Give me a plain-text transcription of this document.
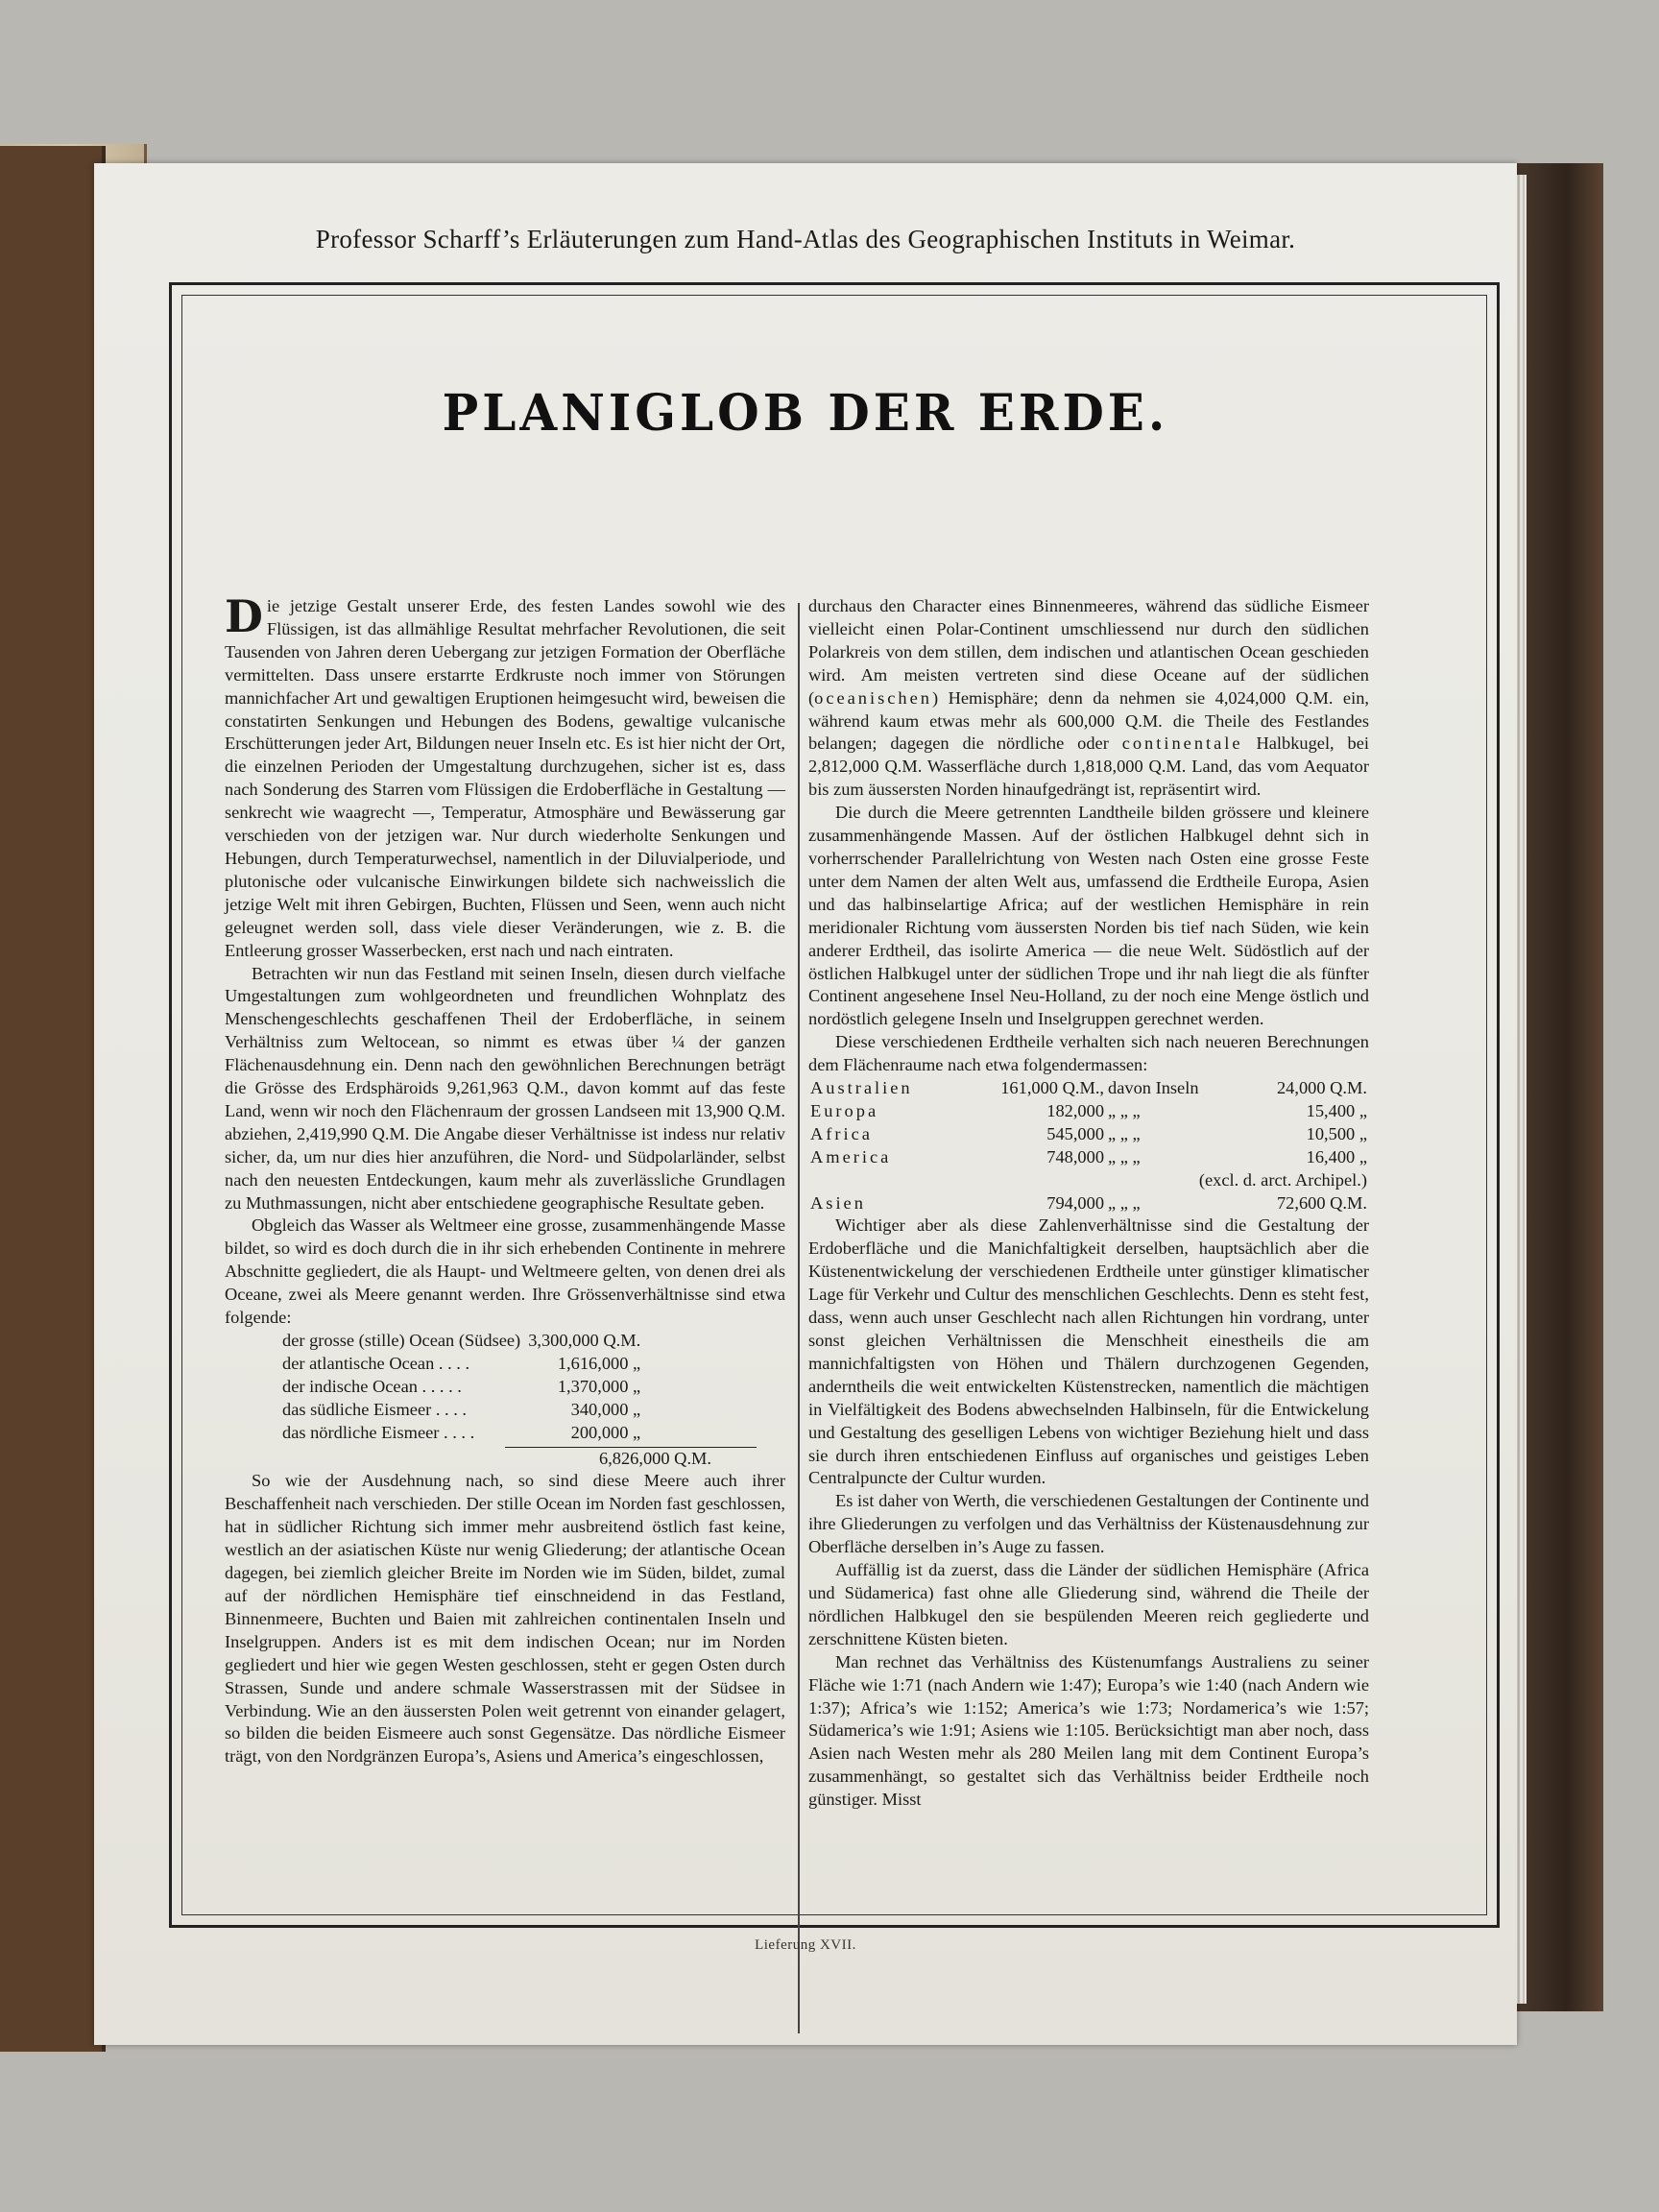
Professor Scharff’s Erläuterungen zum Hand-Atlas des Geographischen Instituts in Weimar.
PLANIGLOB DER ERDE.

Die jetzige Gestalt unserer Erde, des festen Landes sowohl wie des Flüssigen, ist das allmählige Resultat mehrfacher Revolutionen, die seit Tausenden von Jahren deren Uebergang zur jetzigen Formation der Oberfläche vermittelten. Dass unsere erstarrte Erdkruste noch immer von Störungen mannichfacher Art und gewaltigen Eruptionen heimgesucht wird, beweisen die constatirten Senkungen und Hebungen des Bodens, gewaltige vulcanische Erschütterungen jeder Art, Bildungen neuer Inseln etc. Es ist hier nicht der Ort, die einzelnen Perioden der Umgestaltung durchzugehen, sicher ist es, dass nach Sonderung des Starren vom Flüssigen die Erdoberfläche in Gestaltung — senkrecht wie waagrecht —, Temperatur, Atmosphäre und Bewässerung gar verschieden von der jetzigen war. Nur durch wiederholte Senkungen und Hebungen, durch Temperaturwechsel, namentlich in der Diluvialperiode, und plutonische oder vulcanische Einwirkungen bildete sich nachweisslich die jetzige Welt mit ihren Gebirgen, Buchten, Flüssen und Seen, wenn auch nicht geleugnet werden soll, dass viele dieser Veränderungen, wie z. B. die Entleerung grosser Wasserbecken, erst nach und nach eintraten.

Betrachten wir nun das Festland mit seinen Inseln, diesen durch vielfache Umgestaltungen zum wohlgeordneten und freundlichen Wohnplatz des Menschengeschlechts geschaffenen Theil der Erdoberfläche, in seinem Verhältniss zum Weltocean, so nimmt es etwas über ¼ der ganzen Flächenausdehnung ein. Denn nach den gewöhnlichen Berechnungen beträgt die Grösse des Erdsphäroids 9,261,963 Q.M., davon kommt auf das feste Land, wenn wir noch den Flächenraum der grossen Landseen mit 13,900 Q.M. abziehen, 2,419,990 Q.M. Die Angabe dieser Verhältnisse ist indess nur relativ sicher, da, um nur dies hier anzuführen, die Nord- und Südpolarländer, selbst nach den neuesten Entdeckungen, kaum mehr als zuverlässliche Grundlagen zu Muthmassungen, nicht aber entschiedene geographische Resultate geben.

Obgleich das Wasser als Weltmeer eine grosse, zusammenhängende Masse bildet, so wird es doch durch die in ihr sich erhebenden Continente in mehrere Abschnitte gegliedert, die als Haupt- und Weltmeere gelten, von denen drei als Oceane, zwei als Meere genannt werden. Ihre Grössenverhältnisse sind etwa folgende:

der grosse (stille) Ocean (Südsee)	3,300,000 Q.M.
der atlantische Ocean . . . .	1,616,000 „
der indische Ocean . . . . .	1,370,000 „
das südliche Eismeer . . . .	340,000 „
das nördliche Eismeer . . . .	200,000 „
6,826,000 Q.M.

So wie der Ausdehnung nach, so sind diese Meere auch ihrer Beschaffenheit nach verschieden. Der stille Ocean im Norden fast geschlossen, hat in südlicher Richtung sich immer mehr ausbreitend östlich fast keine, westlich an der asiatischen Küste nur wenig Gliederung; der atlantische Ocean dagegen, bei ziemlich gleicher Breite im Norden wie im Süden, bildet, zumal auf der nördlichen Hemisphäre tief einschneidend in das Festland, Binnenmeere, Buchten und Baien mit zahlreichen continentalen Inseln und Inselgruppen. Anders ist es mit dem indischen Ocean; nur im Norden gegliedert und hier wie gegen Westen geschlossen, steht er gegen Osten durch Strassen, Sunde und andere schmale Wasserstrassen mit der Südsee in Verbindung. Wie an den äussersten Polen weit getrennt von einander gelagert, so bilden die beiden Eismeere auch sonst Gegensätze. Das nördliche Eismeer trägt, von den Nordgränzen Europa’s, Asiens und America’s eingeschlossen,

durchaus den Character eines Binnenmeeres, während das südliche Eismeer vielleicht einen Polar-Continent umschliessend nur durch den südlichen Polarkreis von dem stillen, dem indischen und atlantischen Ocean geschieden wird. Am meisten vertreten sind diese Oceane auf der südlichen (oceanischen) Hemisphäre; denn da nehmen sie 4,024,000 Q.M. ein, während kaum etwas mehr als 600,000 Q.M. die Theile des Festlandes belangen; dagegen die nördliche oder continentale Halbkugel, bei 2,812,000 Q.M. Wasserfläche durch 1,818,000 Q.M. Land, das vom Aequator bis zum äussersten Norden hinaufgedrängt ist, repräsentirt wird.

Die durch die Meere getrennten Landtheile bilden grössere und kleinere zusammenhängende Massen. Auf der östlichen Halbkugel dehnt sich in vorherrschender Parallelrichtung von Westen nach Osten eine grosse Feste unter dem Namen der alten Welt aus, umfassend die Erdtheile Europa, Asien und das halbinselartige Africa; auf der westlichen Hemisphäre in rein meridionaler Richtung vom äussersten Norden bis tief nach Süden, wie kein anderer Erdtheil, das isolirte America — die neue Welt. Südöstlich auf der östlichen Halbkugel unter der südlichen Trope und ihr nah liegt die als fünfter Continent angesehene Insel Neu-Holland, zu der noch eine Menge östlich und nordöstlich gelegene Inseln und Inselgruppen gerechnet werden.

Diese verschiedenen Erdtheile verhalten sich nach neueren Berechnungen dem Flächenraume nach etwa folgendermassen:

Australien	161,000 Q.M.,	davon Inseln	24,000 Q.M.
Europa	182,000	„ „ „	15,400 „
Africa	545,000	„ „ „	10,500 „
America	748,000	„ „ „	16,400 „
(excl. d. arct. Archipel.)			
Asien	794,000	„ „ „	72,600 Q.M.

Wichtiger aber als diese Zahlenverhältnisse sind die Gestaltung der Erdoberfläche und die Manichfaltigkeit derselben, hauptsächlich aber die Küstenentwickelung der verschiedenen Erdtheile unter günstiger klimatischer Lage für Verkehr und Cultur des menschlichen Geschlechts. Denn es steht fest, dass, wenn auch unser Geschlecht nach allen Richtungen hin vordrang, unter sonst gleichen Verhältnissen die Menschheit einestheils die am mannichfaltigsten von Höhen und Thälern durchzogenen Gegenden, anderntheils die weit entwickelten Küstenstrecken, namentlich die mächtigen in Vielfältigkeit des Bodens abwechselnden Halbinseln, für die Entwickelung und Gestaltung des geselligen Lebens von wichtiger Beziehung hielt und dass sie durch ihren entschiedenen Einfluss auf organisches und geistiges Leben Centralpuncte der Cultur wurden.

Es ist daher von Werth, die verschiedenen Gestaltungen der Continente und ihre Gliederungen zu verfolgen und das Verhältniss der Küstenausdehnung zur Oberfläche derselben in’s Auge zu fassen.

Auffällig ist da zuerst, dass die Länder der südlichen Hemisphäre (Africa und Südamerica) fast ohne alle Gliederung sind, während die Theile der nördlichen Halbkugel den sie bespülenden Meeren reich gegliederte und zerschnittene Küsten bieten.

Man rechnet das Verhältniss des Küstenumfangs Australiens zu seiner Fläche wie 1:71 (nach Andern wie 1:47); Europa’s wie 1:40 (nach Andern wie 1:37); Africa’s wie 1:152; America’s wie 1:73; Nordamerica’s wie 1:57; Südamerica’s wie 1:91; Asiens wie 1:105. Berücksichtigt man aber noch, dass Asien nach Westen mehr als 280 Meilen lang mit dem Continent Europa’s zusammenhängt, so gestaltet sich das Verhältniss beider Erdtheile noch günstiger. Misst

Lieferung XVII.
